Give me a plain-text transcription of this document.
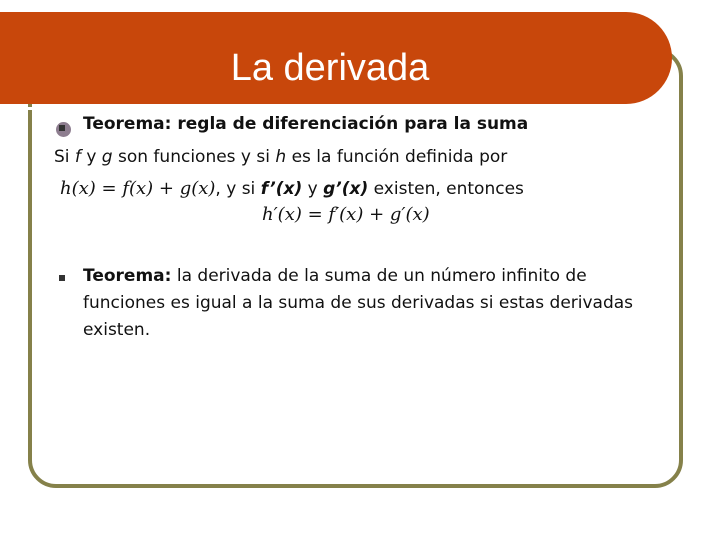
La derivada
Teorema: regla de diferenciación para la suma
Si f y g son funciones y si h es la función definida por
h(x) = f(x) + g(x), y si f’(x) y g’(x) existen, entonces
h′(x) = f′(x) + g′(x)
Teorema: la derivada de la suma de un número infinito de
funciones es igual a la suma de sus derivadas si estas derivadas
existen.
